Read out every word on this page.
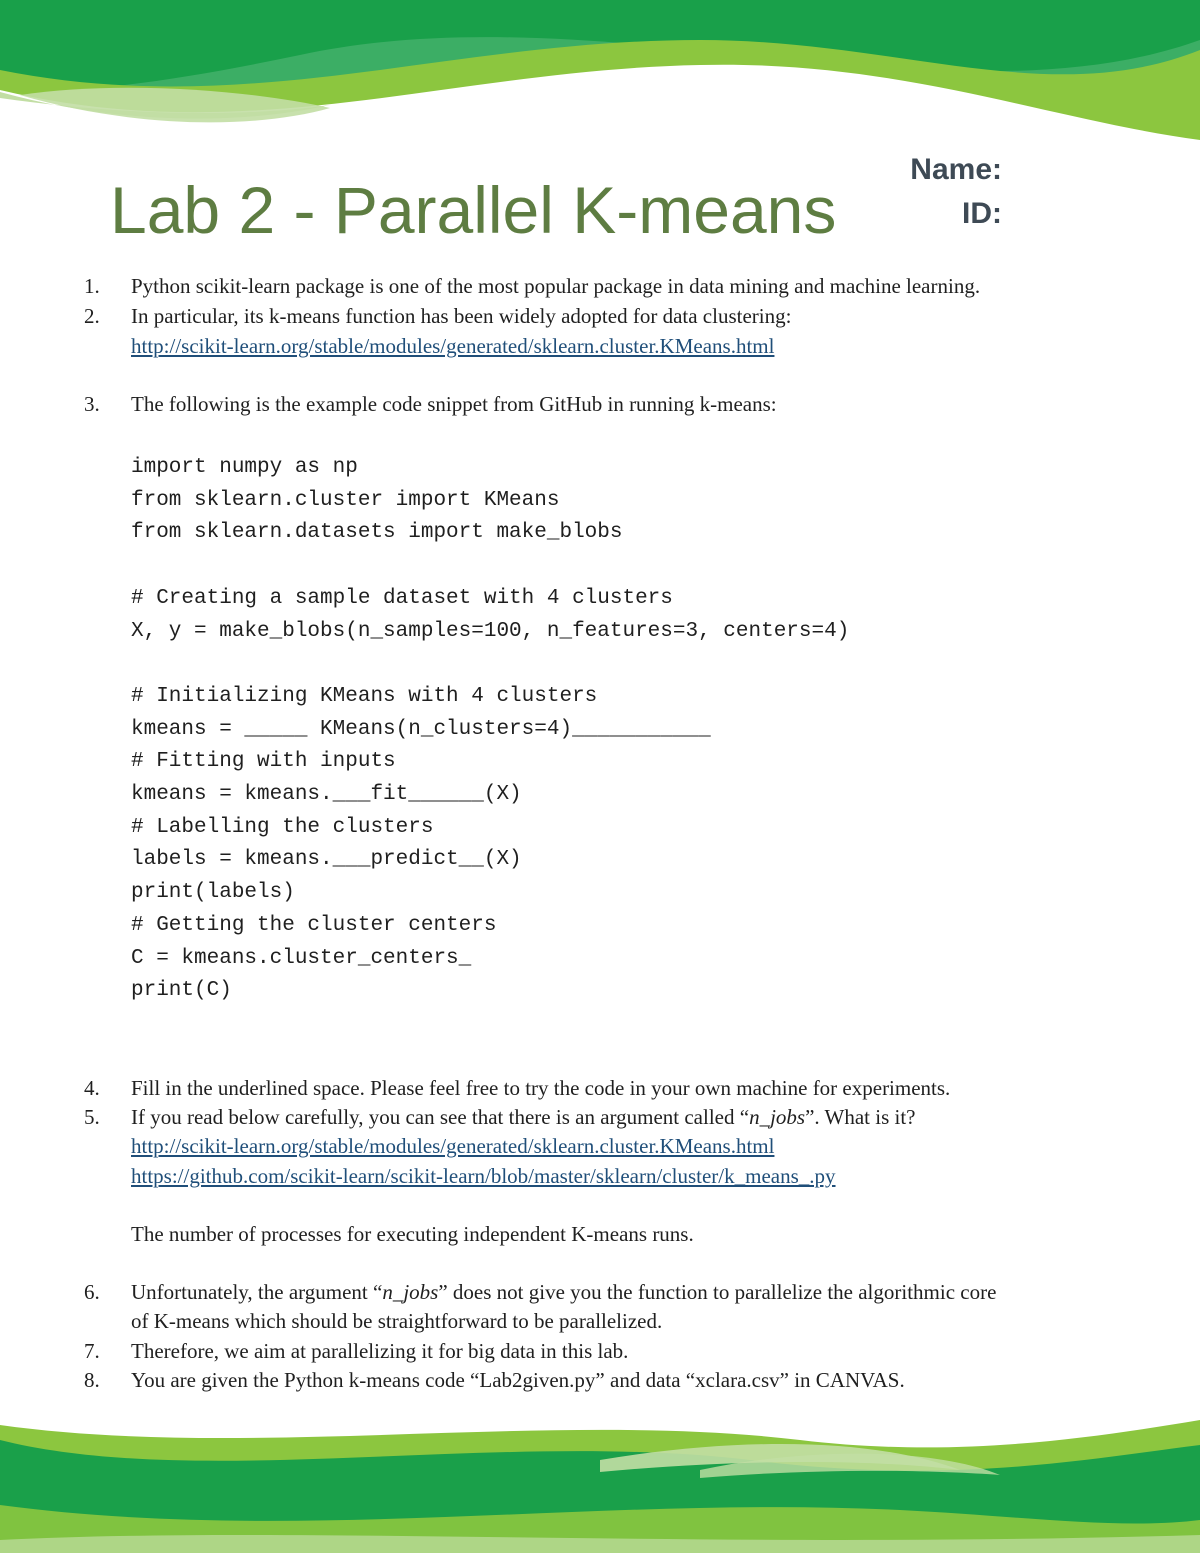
Lab 2 - Parallel K-means
Name:
ID:
1. Python scikit-learn package is one of the most popular package in data mining and machine learning.
2. In particular, its k-means function has been widely adopted for data clustering:
http://scikit-learn.org/stable/modules/generated/sklearn.cluster.KMeans.html
3. The following is the example code snippet from GitHub in running k-means:
import numpy as np
from sklearn.cluster import KMeans
from sklearn.datasets import make_blobs

# Creating a sample dataset with 4 clusters
X, y = make_blobs(n_samples=100, n_features=3, centers=4)

# Initializing KMeans with 4 clusters
kmeans = _____ KMeans(n_clusters=4)___________
# Fitting with inputs
kmeans = kmeans.___fit______(X)
# Labelling the clusters
labels = kmeans.___predict__(X)
print(labels)
# Getting the cluster centers
C = kmeans.cluster_centers_
print(C)
4. Fill in the underlined space. Please feel free to try the code in your own machine for experiments.
5. If you read below carefully, you can see that there is an argument called “n_jobs”. What is it?
http://scikit-learn.org/stable/modules/generated/sklearn.cluster.KMeans.html
https://github.com/scikit-learn/scikit-learn/blob/master/sklearn/cluster/k_means_.py
The number of processes for executing independent K-means runs.
6. Unfortunately, the argument “n_jobs” does not give you the function to parallelize the algorithmic core
of K-means which should be straightforward to be parallelized.
7. Therefore, we aim at parallelizing it for big data in this lab.
8. You are given the Python k-means code “Lab2given.py” and data “xclara.csv” in CANVAS.
